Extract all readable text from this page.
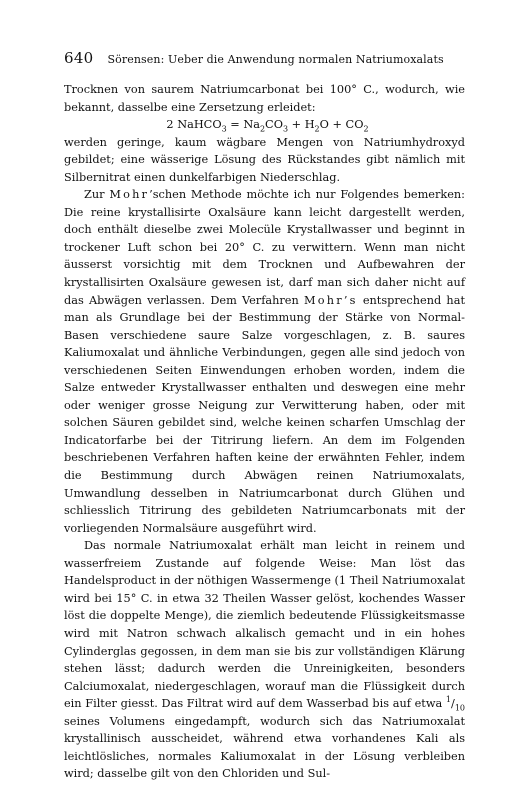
640 Sörensen: Ueber die Anwendung normalen Natriumoxalats

Trocknen von saurem Natriumcarbonat bei 100° C., wodurch, wie bekannt, dasselbe eine Zersetzung erleidet:

2 NaHCO$_3$ = $Na_2CO_3 + H_2O + CO_2$

werden geringe, kaum wägbare Mengen von Natriumhydroxyd gebildet; eine wässerige Lösung des Rückstandes gibt nämlich mit Silbernitrat einen dunkelfarbigen Niederschlag.

Zur Mohr’schen Methode möchte ich nur Folgendes bemerken: Die reine krystallisirte Oxalsäure kann leicht dargestellt werden, doch enthält dieselbe zwei Molecüle Krystallwasser und beginnt in trockener Luft schon bei 20° C. zu verwittern. Wenn man nicht äusserst vorsichtig mit dem Trocknen und Aufbewahren der krystallisirten Oxalsäure gewesen ist, darf man sich daher nicht auf das Abwägen verlassen. Dem Verfahren Mohr’s entsprechend hat man als Grundlage bei der Bestimmung der Stärke von Normal-Basen verschiedene saure Salze vorgeschlagen, z. B. saures Kaliumoxalat und ähnliche Verbindungen, gegen alle sind jedoch von verschiedenen Seiten Einwendungen erhoben worden, indem die Salze entweder Krystallwasser enthalten und deswegen eine mehr oder weniger grosse Neigung zur Verwitterung haben, oder mit solchen Säuren gebildet sind, welche keinen scharfen Umschlag der Indicatorfarbe bei der Titrirung liefern. An dem im Folgenden beschriebenen Verfahren haften keine der erwähnten Fehler, indem die Bestimmung durch Abwägen reinen Natriumoxalats, Umwandlung desselben in Natriumcarbonat durch Glühen und schliesslich Titrirung des gebildeten Natriumcarbonats mit der vorliegenden Normalsäure ausgeführt wird.

Das normale Natriumoxalat erhält man leicht in reinem und wasserfreiem Zustande auf folgende Weise: Man löst das Handelsproduct in der nöthigen Wassermenge (1 Theil Natriumoxalat wird bei 15° C. in etwa 32 Theilen Wasser gelöst, kochendes Wasser löst die doppelte Menge), die ziemlich bedeutende Flüssigkeitsmasse wird mit Natron schwach alkalisch gemacht und in ein hohes Cylinderglas gegossen, in dem man sie bis zur vollständigen Klärung stehen lässt; dadurch werden die Unreinigkeiten, besonders Calciumoxalat, niedergeschlagen, worauf man die Flüssigkeit durch ein Filter giesst. Das Filtrat wird auf dem Wasserbad bis auf etwa $^1/_{10}$ seines Volumens eingedampft, wodurch sich das Natriumoxalat krystallinisch ausscheidet, während etwa vorhandenes Kali als leichtlösliches, normales Kaliumoxalat in der Lösung verbleiben wird; dasselbe gilt von den Chloriden und Sul-
